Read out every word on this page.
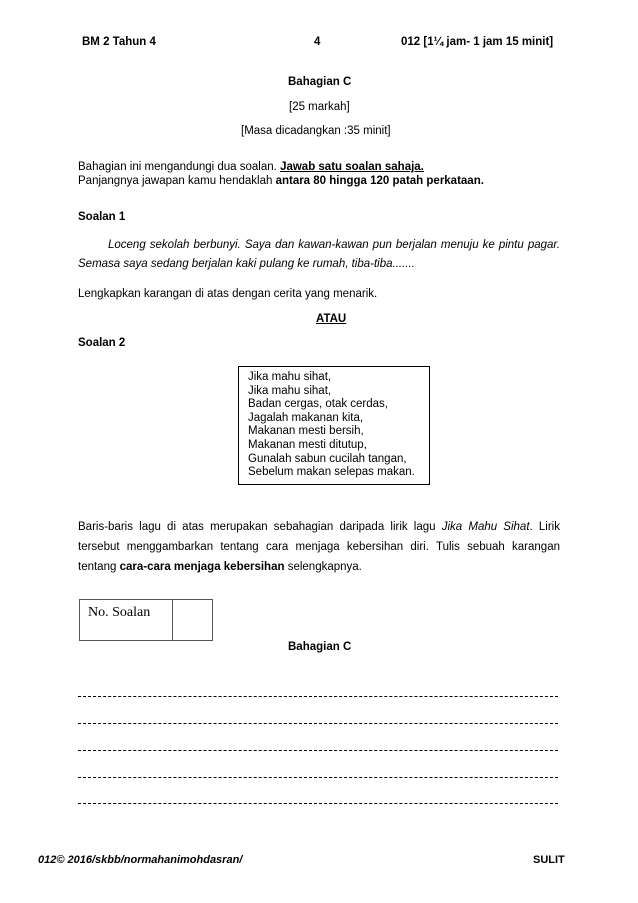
BM 2 Tahun 4	4	012 [1¼ jam- 1 jam 15 minit]
Bahagian C
[25 markah]
[Masa dicadangkan :35 minit]
Bahagian ini mengandungi dua soalan. Jawab satu soalan sahaja.
Panjangnya jawapan kamu hendaklah antara 80 hingga 120 patah perkataan.
Soalan 1
Loceng sekolah berbunyi. Saya dan kawan-kawan pun berjalan menuju ke pintu pagar. Semasa saya sedang berjalan kaki pulang ke rumah, tiba-tiba.......
Lengkapkan karangan di atas dengan cerita yang menarik.
ATAU
Soalan 2
Jika mahu sihat,
Jika mahu sihat,
Badan cergas, otak cerdas,
Jagalah makanan kita,
Makanan mesti bersih,
Makanan mesti ditutup,
Gunalah sabun cucilah tangan,
Sebelum makan selepas makan.
Baris-baris lagu di atas merupakan sebahagian daripada lirik lagu Jika Mahu Sihat. Lirik tersebut menggambarkan tentang cara menjaga kebersihan diri. Tulis sebuah karangan tentang cara-cara menjaga kebersihan selengkapnya.
No. Soalan
Bahagian C
012© 2016/skbb/normahanimohdasran/	SULIT
